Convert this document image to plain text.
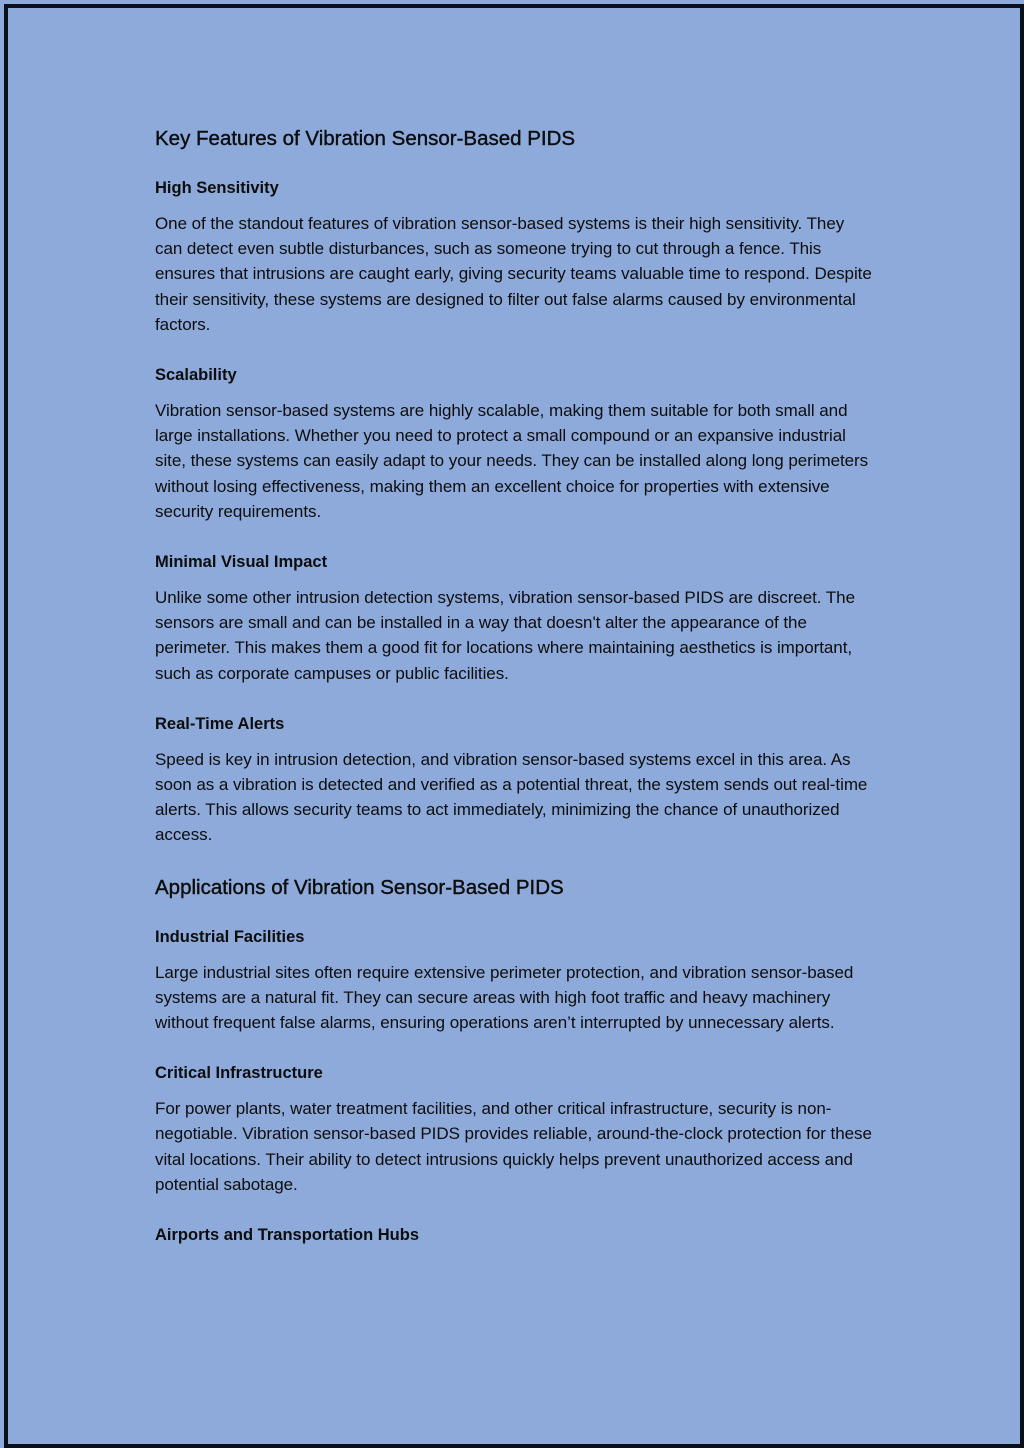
Key Features of Vibration Sensor-Based PIDS
High Sensitivity

One of the standout features of vibration sensor-based systems is their high sensitivity. They can detect even subtle disturbances, such as someone trying to cut through a fence. This ensures that intrusions are caught early, giving security teams valuable time to respond. Despite their sensitivity, these systems are designed to filter out false alarms caused by environmental factors.

Scalability

Vibration sensor-based systems are highly scalable, making them suitable for both small and large installations. Whether you need to protect a small compound or an expansive industrial site, these systems can easily adapt to your needs. They can be installed along long perimeters without losing effectiveness, making them an excellent choice for properties with extensive security requirements.

Minimal Visual Impact

Unlike some other intrusion detection systems, vibration sensor-based PIDS are discreet. The sensors are small and can be installed in a way that doesn't alter the appearance of the perimeter. This makes them a good fit for locations where maintaining aesthetics is important, such as corporate campuses or public facilities.

Real-Time Alerts

Speed is key in intrusion detection, and vibration sensor-based systems excel in this area. As soon as a vibration is detected and verified as a potential threat, the system sends out real-time alerts. This allows security teams to act immediately, minimizing the chance of unauthorized access.

Applications of Vibration Sensor-Based PIDS
Industrial Facilities

Large industrial sites often require extensive perimeter protection, and vibration sensor-based systems are a natural fit. They can secure areas with high foot traffic and heavy machinery without frequent false alarms, ensuring operations aren’t interrupted by unnecessary alerts.

Critical Infrastructure

For power plants, water treatment facilities, and other critical infrastructure, security is non-negotiable. Vibration sensor-based PIDS provides reliable, around-the-clock protection for these vital locations. Their ability to detect intrusions quickly helps prevent unauthorized access and potential sabotage.

Airports and Transportation Hubs
